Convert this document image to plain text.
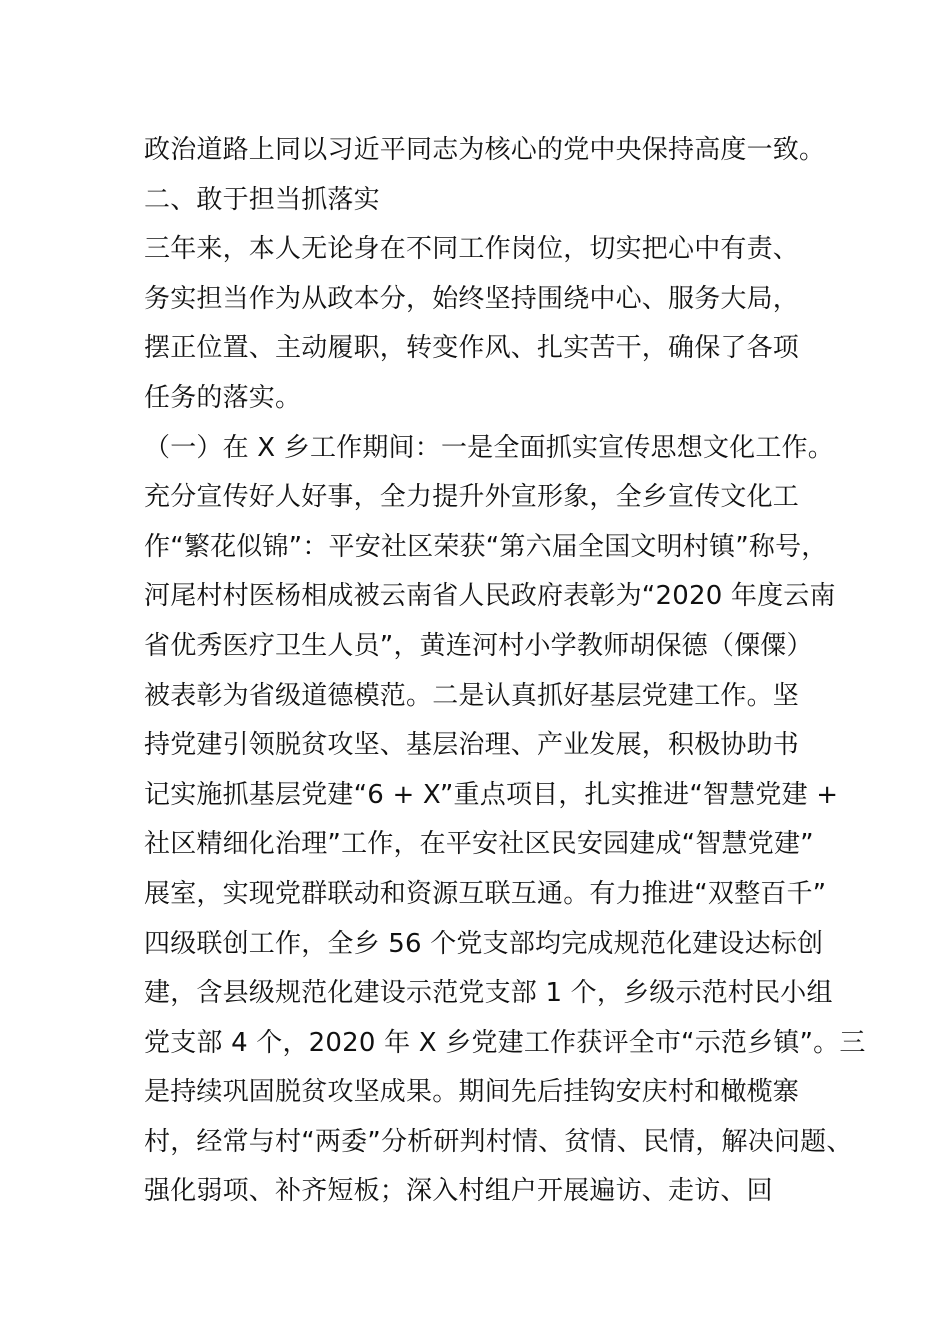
政治道路上同以习近平同志为核心的党中央保持高度一致。
二、敢于担当抓落实
三年来，本人无论身在不同工作岗位，切实把心中有责、
务实担当作为从政本分，始终坚持围绕中心、服务大局，
摆正位置、主动履职，转变作风、扎实苦干，确保了各项
任务的落实。
（一）在 X 乡工作期间：一是全面抓实宣传思想文化工作。
充分宣传好人好事，全力提升外宣形象，全乡宣传文化工
作“繁花似锦”：平安社区荣获“第六届全国文明村镇”称号，
河尾村村医杨相成被云南省人民政府表彰为“2020 年度云南
省优秀医疗卫生人员”，黄连河村小学教师胡保德（傈僳）
被表彰为省级道德模范。二是认真抓好基层党建工作。坚
持党建引领脱贫攻坚、基层治理、产业发展，积极协助书
记实施抓基层党建“6 + X”重点项目，扎实推进“智慧党建 +
社区精细化治理”工作，在平安社区民安园建成“智慧党建”
展室，实现党群联动和资源互联互通。有力推进“双整百千”
四级联创工作，全乡 56 个党支部均完成规范化建设达标创
建，含县级规范化建设示范党支部 1 个，乡级示范村民小组
党支部 4 个，2020 年 X 乡党建工作获评全市“示范乡镇”。三
是持续巩固脱贫攻坚成果。期间先后挂钩安庆村和橄榄寨
村，经常与村“两委”分析研判村情、贫情、民情，解决问题、
强化弱项、补齐短板；深入村组户开展遍访、走访、回
